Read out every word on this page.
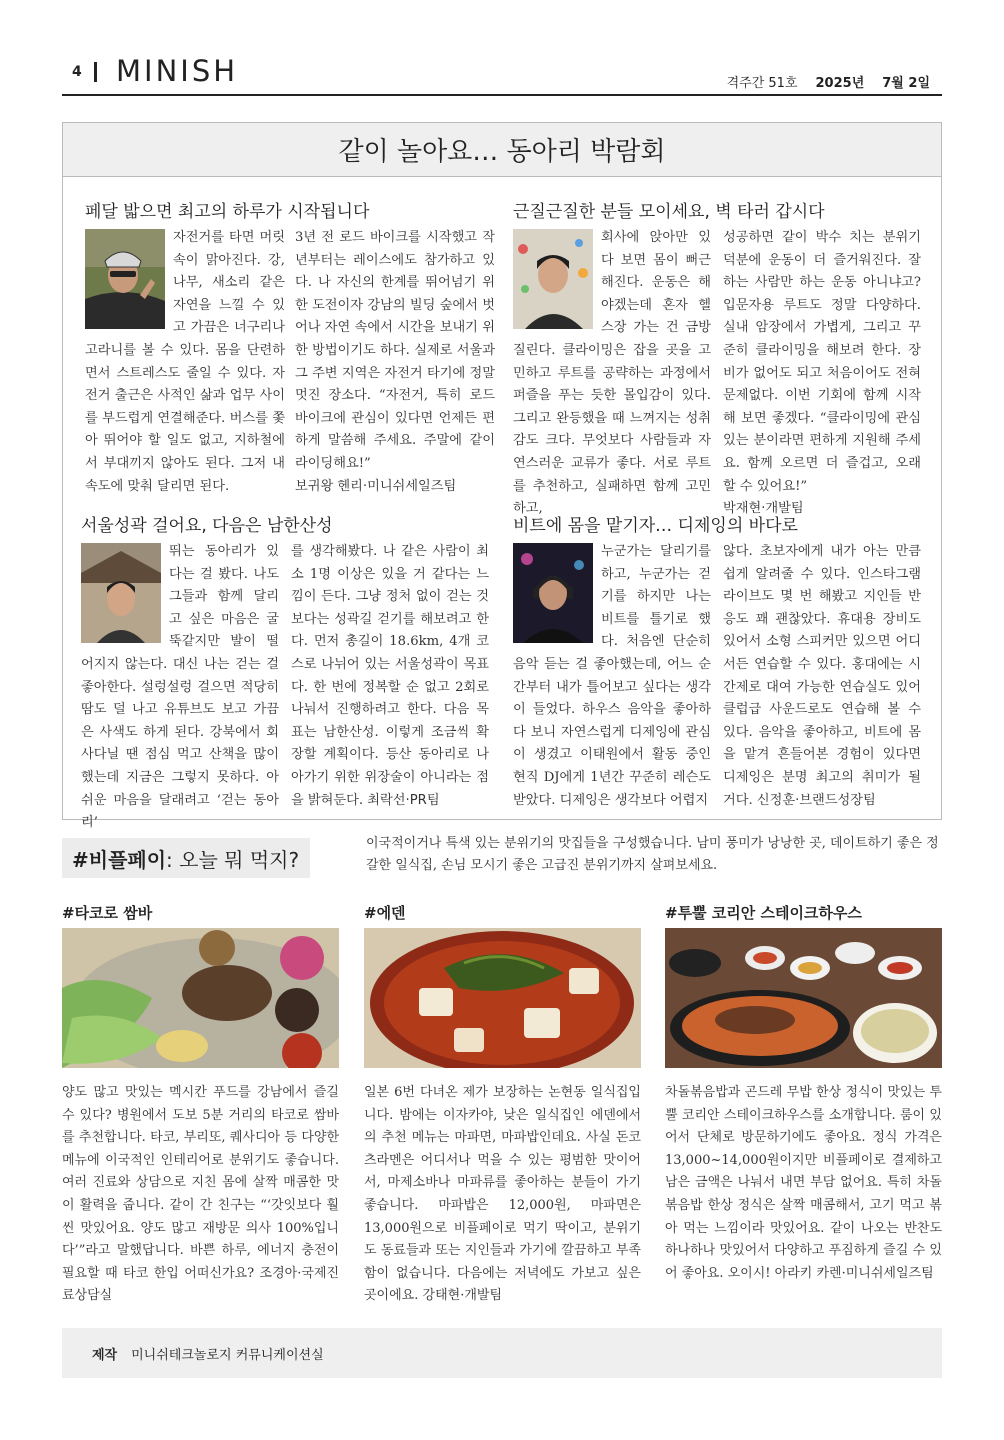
4 MINISH	격주간 51호 2025년 7월 2일
같이 놀아요… 동아리 박람회
페달 밟으면 최고의 하루가 시작됩니다
자전거를 타면 머릿속이 맑아진다. 강, 나무, 새소리 같은 자연을 느낄 수 있고 가끔은 너구리나 고라니를 볼 수 있다. 몸을 단련하면서 스트레스도 줄일 수 있다. 자전거 출근은 사적인 삶과 업무 사이를 부드럽게 연결해준다. 버스를 쫓아 뛰어야 할 일도 없고, 지하철에서 부대끼지 않아도 된다. 그저 내 속도에 맞춰 달리면 된다.
3년 전 로드 바이크를 시작했고 작년부터는 레이스에도 참가하고 있다. 나 자신의 한계를 뛰어넘기 위한 도전이자 강남의 빌딩 숲에서 벗어나 자연 속에서 시간을 보내기 위한 방법이기도 하다. 실제로 서울과 그 주변 지역은 자전거 타기에 정말 멋진 장소다. “자전거, 특히 로드 바이크에 관심이 있다면 언제든 편하게 말씀해 주세요. 주말에 같이 라이딩해요!”
보귀왕 헨리·미니쉬세일즈팀
근질근질한 분들 모이세요, 벽 타러 갑시다
회사에 앉아만 있다 보면 몸이 뻐근해진다. 운동은 해야겠는데 혼자 헬스장 가는 건 금방 질린다. 클라이밍은 잡을 곳을 고민하고 루트를 공략하는 과정에서 퍼즐을 푸는 듯한 몰입감이 있다. 그리고 완등했을 때 느껴지는 성취감도 크다. 무엇보다 사람들과 자연스러운 교류가 좋다. 서로 루트를 추천하고, 실패하면 함께 고민하고,
성공하면 같이 박수 치는 분위기 덕분에 운동이 더 즐거워진다. 잘하는 사람만 하는 운동 아니냐고? 입문자용 루트도 정말 다양하다. 실내 암장에서 가볍게, 그리고 꾸준히 클라이밍을 해보려 한다. 장비가 없어도 되고 처음이어도 전혀 문제없다. 이번 기회에 함께 시작해 보면 좋겠다. “클라이밍에 관심 있는 분이라면 편하게 지원해 주세요. 함께 오르면 더 즐겁고, 오래 할 수 있어요!”
박재현·개발팀
서울성곽 걸어요, 다음은 남한산성
뛰는 동아리가 있다는 걸 봤다. 나도 그들과 함께 달리고 싶은 마음은 굴뚝같지만 발이 떨어지지 않는다. 대신 나는 걷는 걸 좋아한다. 설렁설렁 걸으면 적당히 땀도 덜 나고 유튜브도 보고 가끔은 사색도 하게 된다. 강북에서 회사다닐 땐 점심 먹고 산책을 많이 했는데 지금은 그렇지 못하다. 아쉬운 마음을 달래려고 ‘걷는 동아리’
를 생각해봤다. 나 같은 사람이 최소 1명 이상은 있을 거 같다는 느낌이 든다. 그냥 정처 없이 걷는 것보다는 성곽길 걷기를 해보려고 한다. 먼저 총길이 18.6km, 4개 코스로 나뉘어 있는 서울성곽이 목표다. 한 번에 정복할 순 없고 2회로 나눠서 진행하려고 한다. 다음 목표는 남한산성. 이렇게 조금씩 확장할 계획이다. 등산 동아리로 나아가기 위한 위장술이 아니라는 점을 밝혀둔다. 최락선·PR팀
비트에 몸을 맡기자… 디제잉의 바다로
누군가는 달리기를 하고, 누군가는 걷기를 하지만 나는 비트를 틀기로 했다. 처음엔 단순히 음악 듣는 걸 좋아했는데, 어느 순간부터 내가 틀어보고 싶다는 생각이 들었다. 하우스 음악을 좋아하다 보니 자연스럽게 디제잉에 관심이 생겼고 이태원에서 활동 중인 현직 DJ에게 1년간 꾸준히 레슨도 받았다. 디제잉은 생각보다 어렵지
않다. 초보자에게 내가 아는 만큼 쉽게 알려줄 수 있다. 인스타그램 라이브도 몇 번 해봤고 지인들 반응도 꽤 괜찮았다. 휴대용 장비도 있어서 소형 스피커만 있으면 어디서든 연습할 수 있다. 홍대에는 시간제로 대여 가능한 연습실도 있어 클럽급 사운드로도 연습해 볼 수 있다. 음악을 좋아하고, 비트에 몸을 맡겨 흔들어본 경험이 있다면 디제잉은 분명 최고의 취미가 될 거다. 신정훈·브랜드성장팀
#비플페이 : 오늘 뭐 먹지?
이국적이거나 특색 있는 분위기의 맛집들을 구성했습니다. 남미 풍미가 낭낭한 곳, 데이트하기 좋은 정갈한 일식집, 손님 모시기 좋은 고급진 분위기까지 살펴보세요.
#타코로 쌈바
양도 많고 맛있는 멕시칸 푸드를 강남에서 즐길 수 있다? 병원에서 도보 5분 거리의 타코로 쌈바를 추천합니다. 타코, 부리또, 퀘사디아 등 다양한 메뉴에 이국적인 인테리어로 분위기도 좋습니다. 여러 진료와 상담으로 지친 몸에 살짝 매콤한 맛이 활력을 줍니다. 같이 간 친구는 “‘갓잇보다 훨씬 맛있어요. 양도 많고 재방문 의사 100%입니다’”라고 말했답니다. 바쁜 하루, 에너지 충전이 필요할 때 타코 한입 어떠신가요? 조경아·국제진료상담실
#에덴
일본 6번 다녀온 제가 보장하는 논현동 일식집입니다. 밤에는 이자카야, 낮은 일식집인 에덴에서의 추천 메뉴는 마파면, 마파밥인데요. 사실 돈코츠라멘은 어디서나 먹을 수 있는 평범한 맛이어서, 마제소바나 마파류를 좋아하는 분들이 가기 좋습니다. 마파밥은 12,000원, 마파면은 13,000원으로 비플페이로 먹기 딱이고, 분위기도 동료들과 또는 지인들과 가기에 깔끔하고 부족함이 없습니다. 다음에는 저녁에도 가보고 싶은 곳이에요. 강태현·개발팀
#투뿔 코리안 스테이크하우스
차돌볶음밥과 곤드레 무밥 한상 정식이 맛있는 투뿔 코리안 스테이크하우스를 소개합니다. 룸이 있어서 단체로 방문하기에도 좋아요. 정식 가격은 13,000~14,000원이지만 비플페이로 결제하고 남은 금액은 나눠서 내면 부담 없어요. 특히 차돌볶음밥 한상 정식은 살짝 매콤해서, 고기 먹고 볶아 먹는 느낌이라 맛있어요. 같이 나오는 반찬도 하나하나 맛있어서 다양하고 푸짐하게 즐길 수 있어 좋아요. 오이시! 아라키 카렌·미니쉬세일즈팀
제작 미니쉬테크놀로지 커뮤니케이션실
